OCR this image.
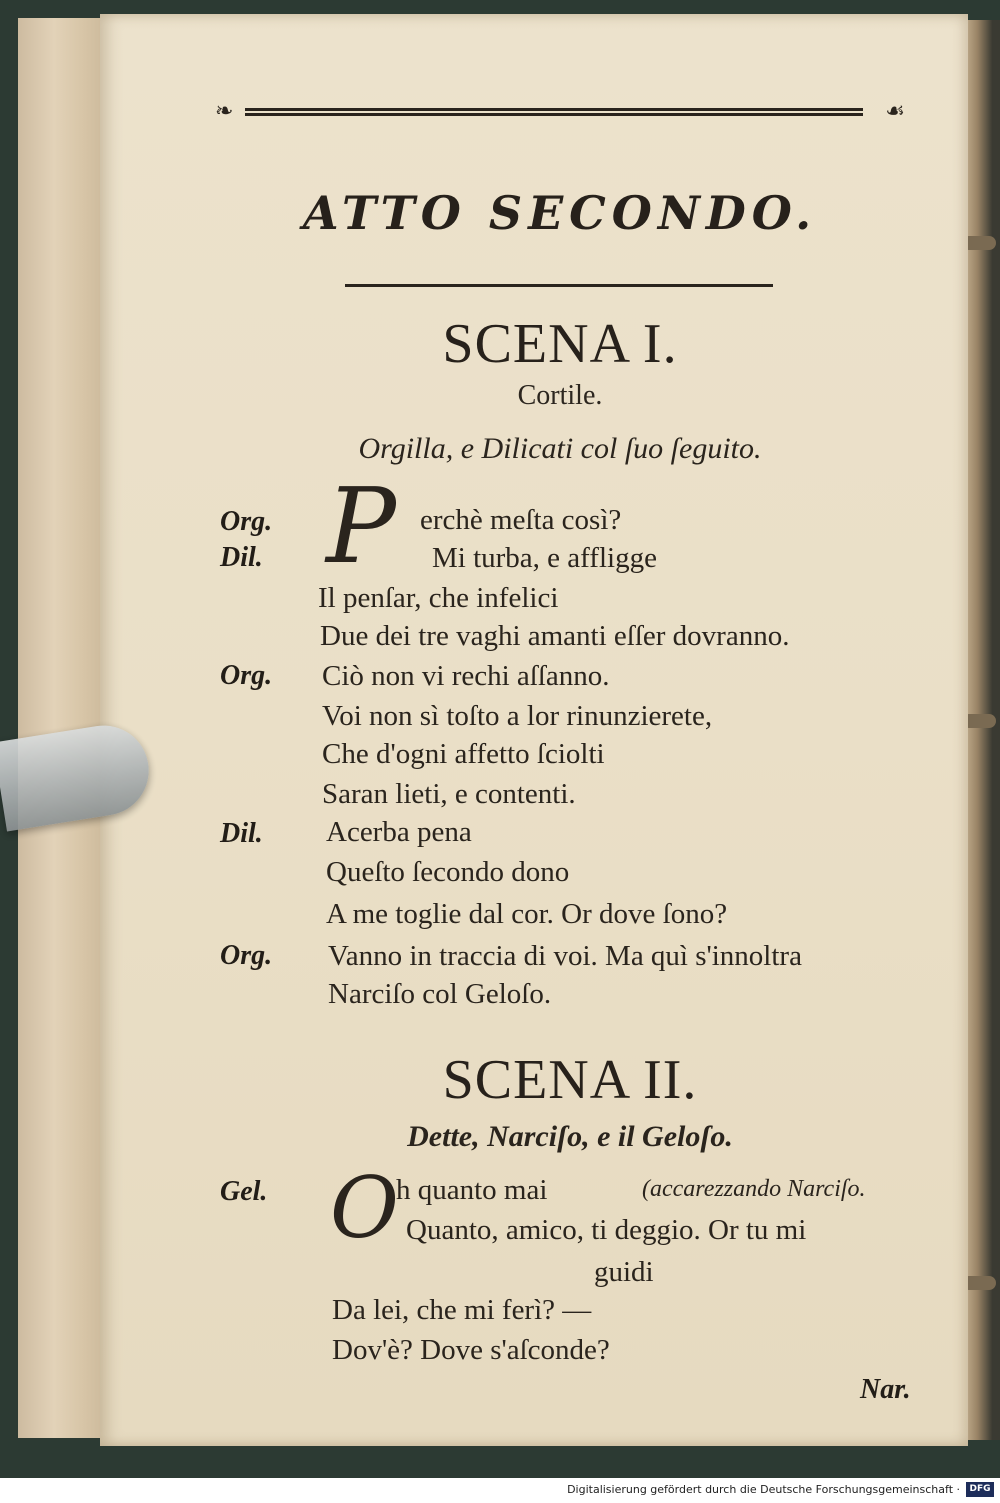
❧	☙
ATTO SECONDO.
SCENA I.
Cortile.
Orgilla, e Dilicati col ſuo ſeguito.
P
Org.
Dil.
Org.
Dil.
Org.
erchè meſta così?
Mi turba, e affligge
Il penſar, che infelici
Due dei tre vaghi amanti eſſer dovranno.
Ciò non vi rechi aſſanno.
Voi non sì toſto a lor rinunzierete,
Che d'ogni affetto ſciolti
Saran lieti, e contenti.
Acerba pena
Queſto ſecondo dono
A me toglie dal cor. Or dove ſono?
Vanno in traccia di voi. Ma quì s'innoltra
Narciſo col Geloſo.
SCENA II.
Dette, Narciſo, e il Geloſo.
O
Gel.	h quanto mai	(accarezzando Narciſo.
Quanto, amico, ti deggio. Or tu mi
guidi
Da lei, che mi ferì? —
Dov'è? Dove s'aſconde?
Nar.
Digitalisierung gefördert durch die Deutsche Forschungsgemeinschaft ·	DFG
